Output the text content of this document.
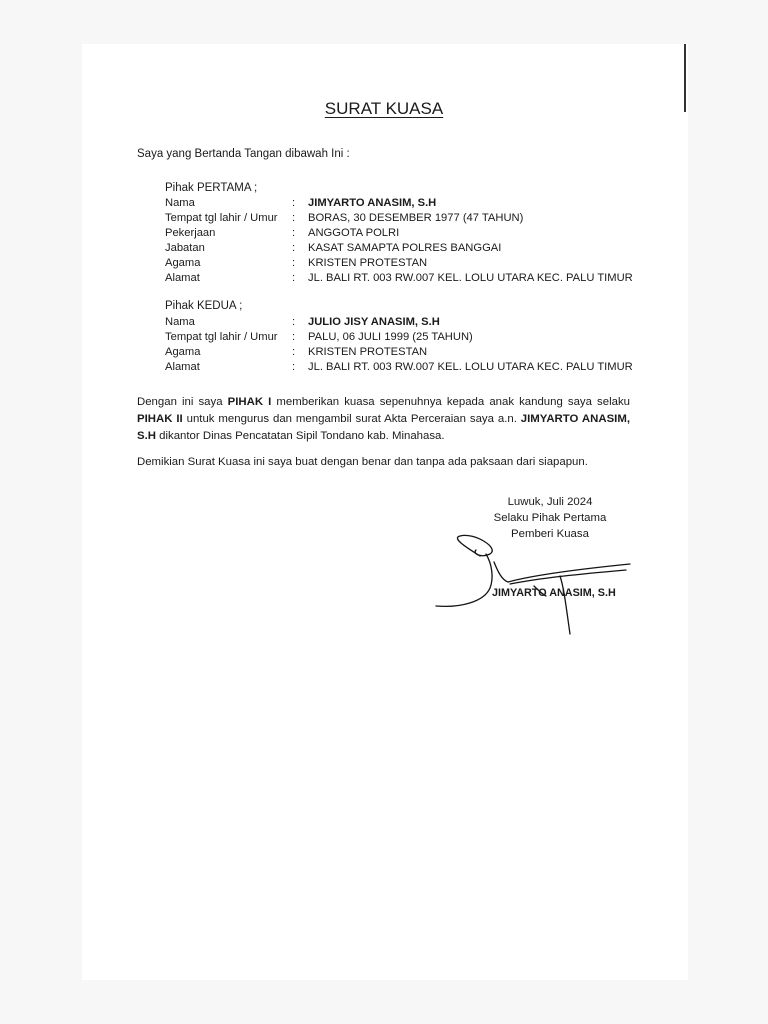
SURAT KUASA
Saya yang Bertanda Tangan dibawah Ini :
Pihak PERTAMA ;
Nama	: JIMYARTO ANASIM, S.H
Tempat tgl lahir / Umur : BORAS, 30 DESEMBER 1977 (47 TAHUN)
Pekerjaan	: ANGGOTA POLRI
Jabatan	: KASAT SAMAPTA POLRES BANGGAI
Agama	: KRISTEN PROTESTAN
Alamat	: JL. BALI RT. 003 RW.007 KEL. LOLU UTARA KEC. PALU TIMUR
Pihak KEDUA ;
Nama	: JULIO JISY ANASIM, S.H
Tempat tgl lahir / Umur : PALU, 06 JULI 1999 (25 TAHUN)
Agama	: KRISTEN PROTESTAN
Alamat	: JL. BALI RT. 003 RW.007 KEL. LOLU UTARA KEC. PALU TIMUR
Dengan ini saya PIHAK I memberikan kuasa sepenuhnya kepada anak kandung saya selaku PIHAK II untuk mengurus dan mengambil surat Akta Perceraian saya a.n. JIMYARTO ANASIM, S.H dikantor Dinas Pencatatan Sipil Tondano kab. Minahasa.
Demikian Surat Kuasa ini saya buat dengan benar dan tanpa ada paksaan dari siapapun.
Luwuk, Juli 2024
Selaku Pihak Pertama
Pemberi Kuasa
JIMYARTO ANASIM, S.H
